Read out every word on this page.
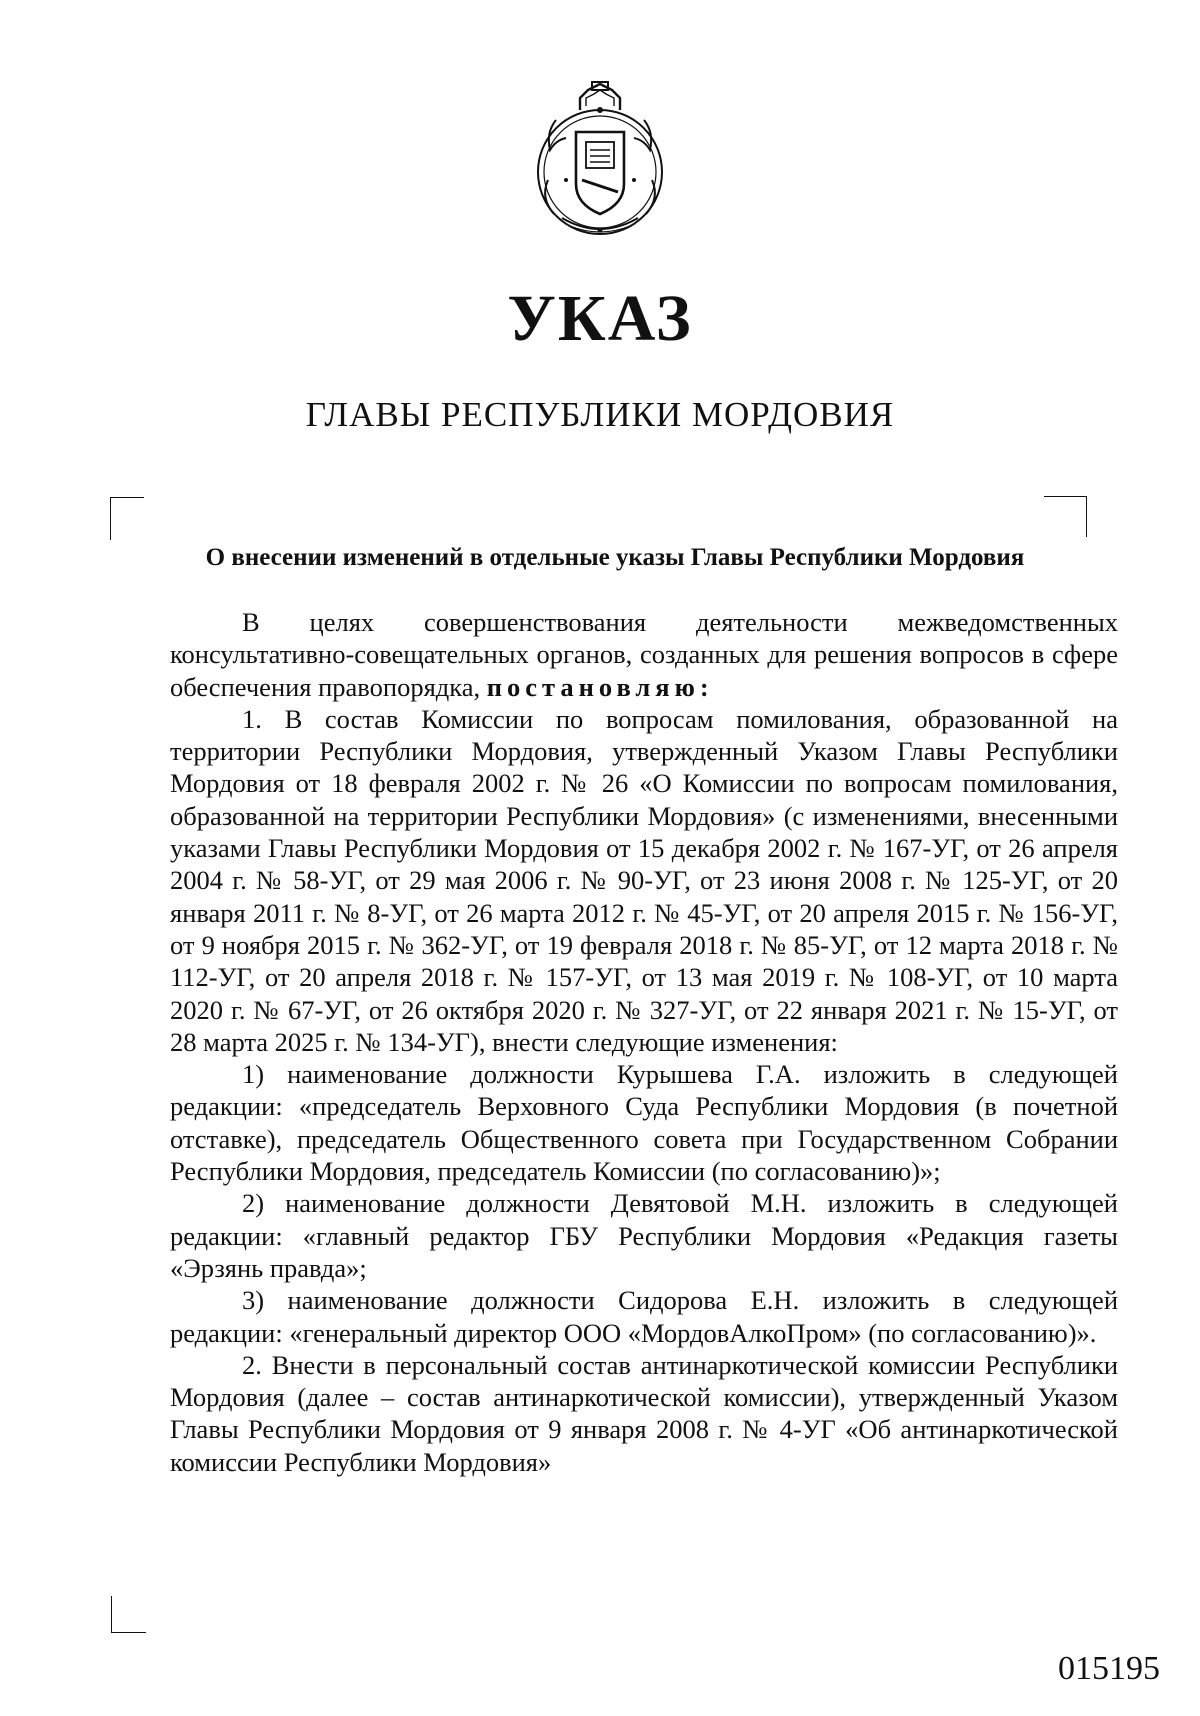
УКАЗ
ГЛАВЫ РЕСПУБЛИКИ МОРДОВИЯ
О внесении изменений в отдельные указы Главы Республики Мордовия

В целях совершенствования деятельности межведомственных консультативно-совещательных органов, созданных для решения вопросов в сфере обеспечения правопорядка, постановляю:

1. В состав Комиссии по вопросам помилования, образованной на территории Республики Мордовия, утвержденный Указом Главы Республики Мордовия от 18 февраля 2002 г. № 26 «О Комиссии по вопросам помилования, образованной на территории Республики Мордовия» (с изменениями, внесенными указами Главы Республики Мордовия от 15 декабря 2002 г. № 167-УГ, от 26 апреля 2004 г. № 58-УГ, от 29 мая 2006 г. № 90-УГ, от 23 июня 2008 г. № 125-УГ, от 20 января 2011 г. № 8-УГ, от 26 марта 2012 г. № 45-УГ, от 20 апреля 2015 г. № 156-УГ, от 9 ноября 2015 г. № 362-УГ, от 19 февраля 2018 г. № 85-УГ, от 12 марта 2018 г. № 112-УГ, от 20 апреля 2018 г. № 157-УГ, от 13 мая 2019 г. № 108-УГ, от 10 марта 2020 г. № 67-УГ, от 26 октября 2020 г. № 327-УГ, от 22 января 2021 г. № 15-УГ, от 28 марта 2025 г. № 134-УГ), внести следующие изменения:

1) наименование должности Курышева Г.А. изложить в следующей редакции: «председатель Верховного Суда Республики Мордовия (в почетной отставке), председатель Общественного совета при Государственном Собрании Республики Мордовия, председатель Комиссии (по согласованию)»;

2) наименование должности Девятовой М.Н. изложить в следующей редакции: «главный редактор ГБУ Республики Мордовия «Редакция газеты «Эрзянь правда»;

3) наименование должности Сидорова Е.Н. изложить в следующей редакции: «генеральный директор ООО «МордовАлкоПром» (по согласованию)».

2. Внести в персональный состав антинаркотической комиссии Республики Мордовия (далее – состав антинаркотической комиссии), утвержденный Указом Главы Республики Мордовия от 9 января 2008 г. № 4-УГ «Об антинаркотической комиссии Республики Мордовия»

015195
